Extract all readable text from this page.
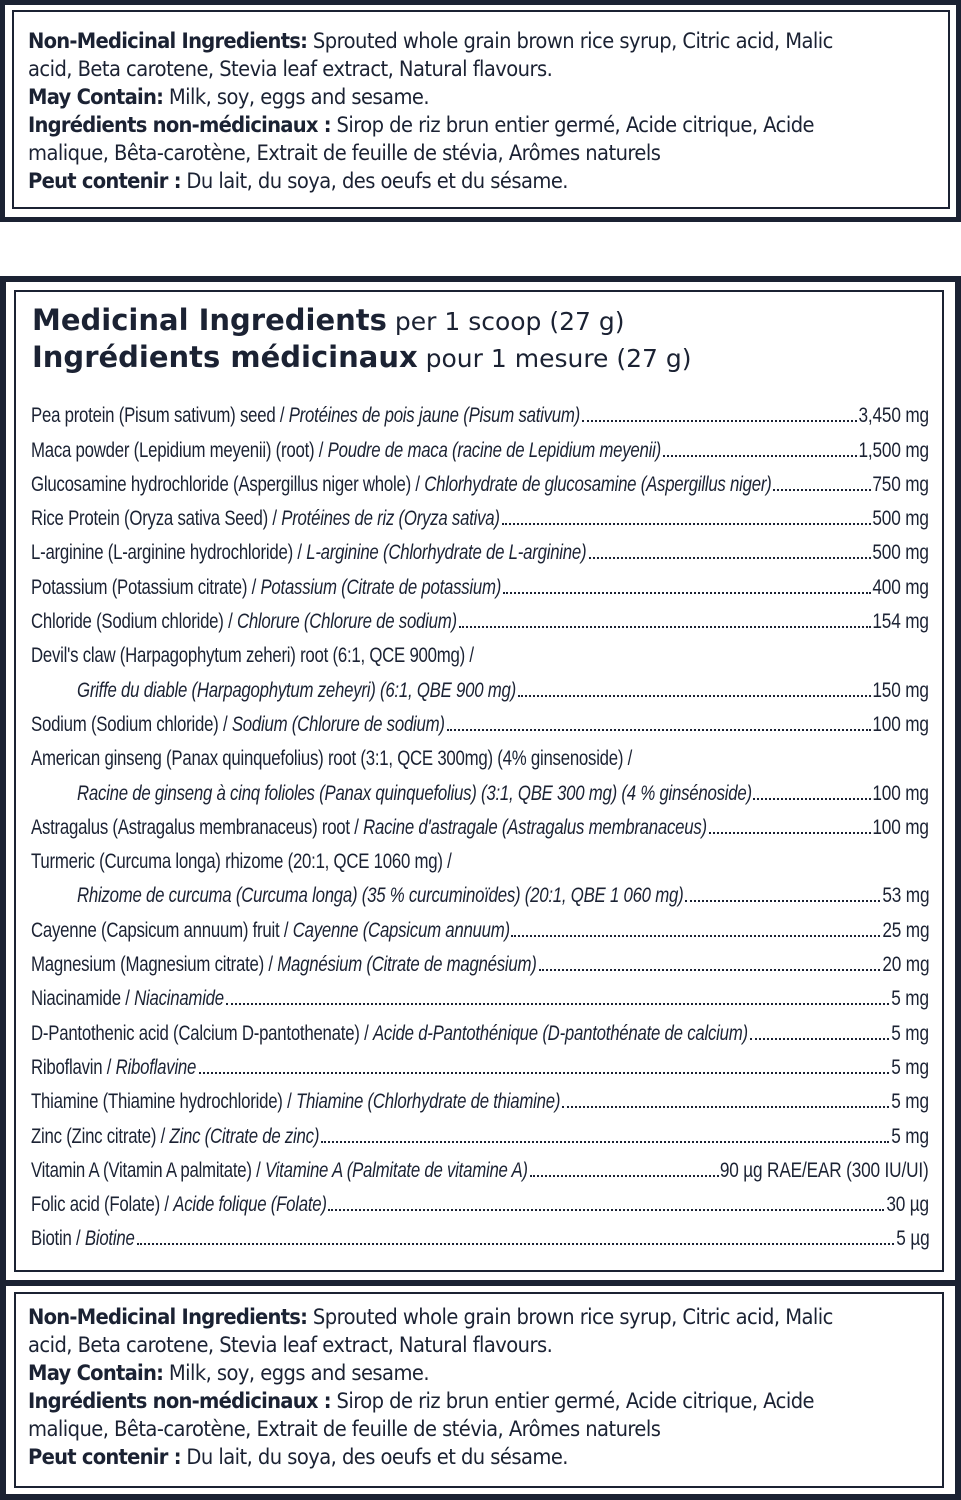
Non-Medicinal Ingredients: Sprouted whole grain brown rice syrup, Citric acid, Malic acid, Beta carotene, Stevia leaf extract, Natural flavours.
May Contain: Milk, soy, eggs and sesame.
Ingrédients non-médicinaux : Sirop de riz brun entier germé, Acide citrique, Acide malique, Bêta-carotène, Extrait de feuille de stévia, Arômes naturels
Peut contenir : Du lait, du soya, des oeufs et du sésame.
Medicinal Ingredients per 1 scoop (27 g)
Ingrédients médicinaux pour 1 mesure (27 g)
Pea protein (Pisum sativum) seed / Protéines de pois jaune (Pisum sativum)	3,450 mg
Maca powder (Lepidium meyenii) (root) / Poudre de maca (racine de Lepidium meyenii)	1,500 mg
Glucosamine hydrochloride (Aspergillus niger whole) / Chlorhydrate de glucosamine (Aspergillus niger)	750 mg
Rice Protein (Oryza sativa Seed) / Protéines de riz (Oryza sativa)	500 mg
L-arginine (L-arginine hydrochloride) / L-arginine (Chlorhydrate de L-arginine)	500 mg
Potassium (Potassium citrate) / Potassium (Citrate de potassium)	400 mg
Chloride (Sodium chloride) / Chlorure (Chlorure de sodium)	154 mg
Devil's claw (Harpagophytum zeheri) root (6:1, QCE 900mg) /
Griffe du diable (Harpagophytum zeheyri) (6:1, QBE 900 mg)	150 mg
Sodium (Sodium chloride) / Sodium (Chlorure de sodium)	100 mg
American ginseng (Panax quinquefolius) root (3:1, QCE 300mg) (4% ginsenoside) /
Racine de ginseng à cinq folioles (Panax quinquefolius) (3:1, QBE 300 mg) (4 % ginsénoside)	100 mg
Astragalus (Astragalus membranaceus) root / Racine d'astragale (Astragalus membranaceus)	100 mg
Turmeric (Curcuma longa) rhizome (20:1, QCE 1060 mg) /
Rhizome de curcuma (Curcuma longa) (35 % curcuminoïdes) (20:1, QBE 1 060 mg)	53 mg
Cayenne (Capsicum annuum) fruit / Cayenne (Capsicum annuum)	25 mg
Magnesium (Magnesium citrate) / Magnésium (Citrate de magnésium)	20 mg
Niacinamide / Niacinamide	5 mg
D-Pantothenic acid (Calcium D-pantothenate) / Acide d-Pantothénique (D-pantothénate de calcium)	5 mg
Riboflavin / Riboflavine	5 mg
Thiamine (Thiamine hydrochloride) / Thiamine (Chlorhydrate de thiamine)	5 mg
Zinc (Zinc citrate) / Zinc (Citrate de zinc)	5 mg
Vitamin A (Vitamin A palmitate) / Vitamine A (Palmitate de vitamine A)	90 µg RAE/EAR (300 IU/UI)
Folic acid (Folate) / Acide folique (Folate)	30 µg
Biotin / Biotine	5 µg
Non-Medicinal Ingredients: Sprouted whole grain brown rice syrup, Citric acid, Malic acid, Beta carotene, Stevia leaf extract, Natural flavours.
May Contain: Milk, soy, eggs and sesame.
Ingrédients non-médicinaux : Sirop de riz brun entier germé, Acide citrique, Acide malique, Bêta-carotène, Extrait de feuille de stévia, Arômes naturels
Peut contenir : Du lait, du soya, des oeufs et du sésame.
